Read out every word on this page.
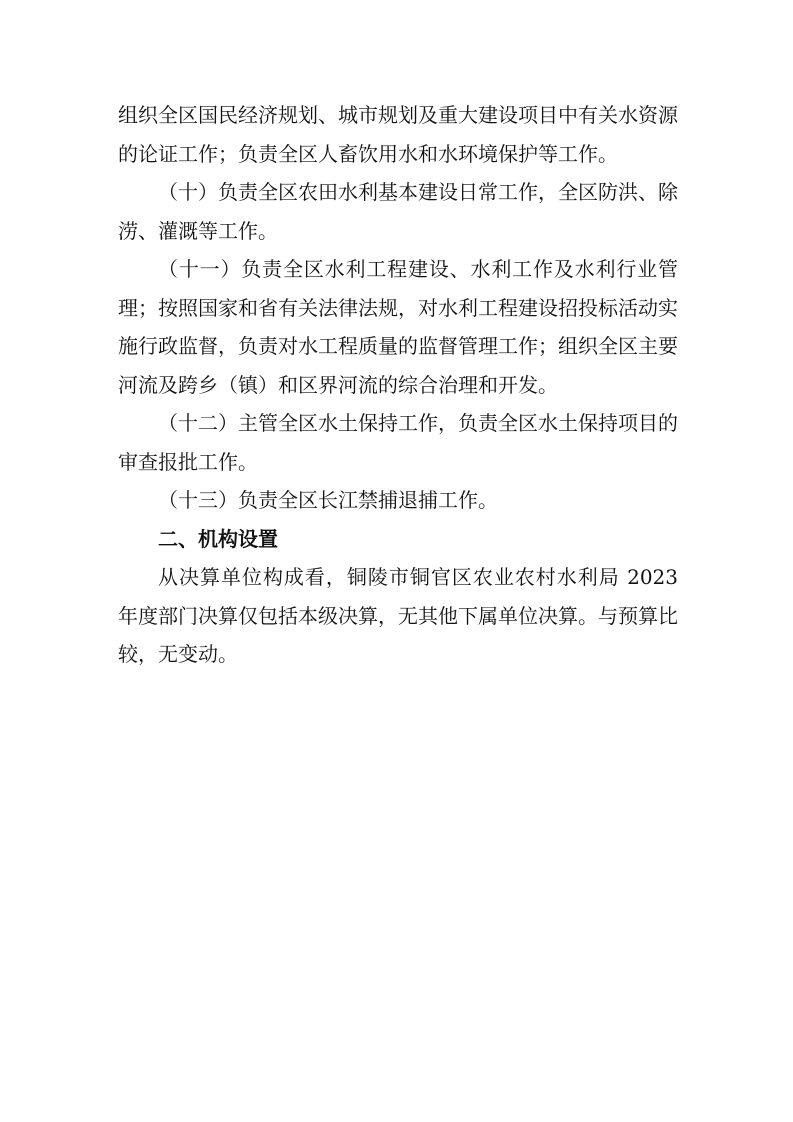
组织全区国民经济规划、城市规划及重大建设项目中有关水资源的论证工作；负责全区人畜饮用水和水环境保护等工作。

（十）负责全区农田水利基本建设日常工作，全区防洪、除涝、灌溉等工作。

（十一）负责全区水利工程建设、水利工作及水利行业管理；按照国家和省有关法律法规，对水利工程建设招投标活动实施行政监督，负责对水工程质量的监督管理工作；组织全区主要河流及跨乡（镇）和区界河流的综合治理和开发。

（十二）主管全区水土保持工作，负责全区水土保持项目的审查报批工作。

（十三）负责全区长江禁捕退捕工作。

二、机构设置

从决算单位构成看，铜陵市铜官区农业农村水利局 2023 年度部门决算仅包括本级决算，无其他下属单位决算。与预算比较，无变动。
